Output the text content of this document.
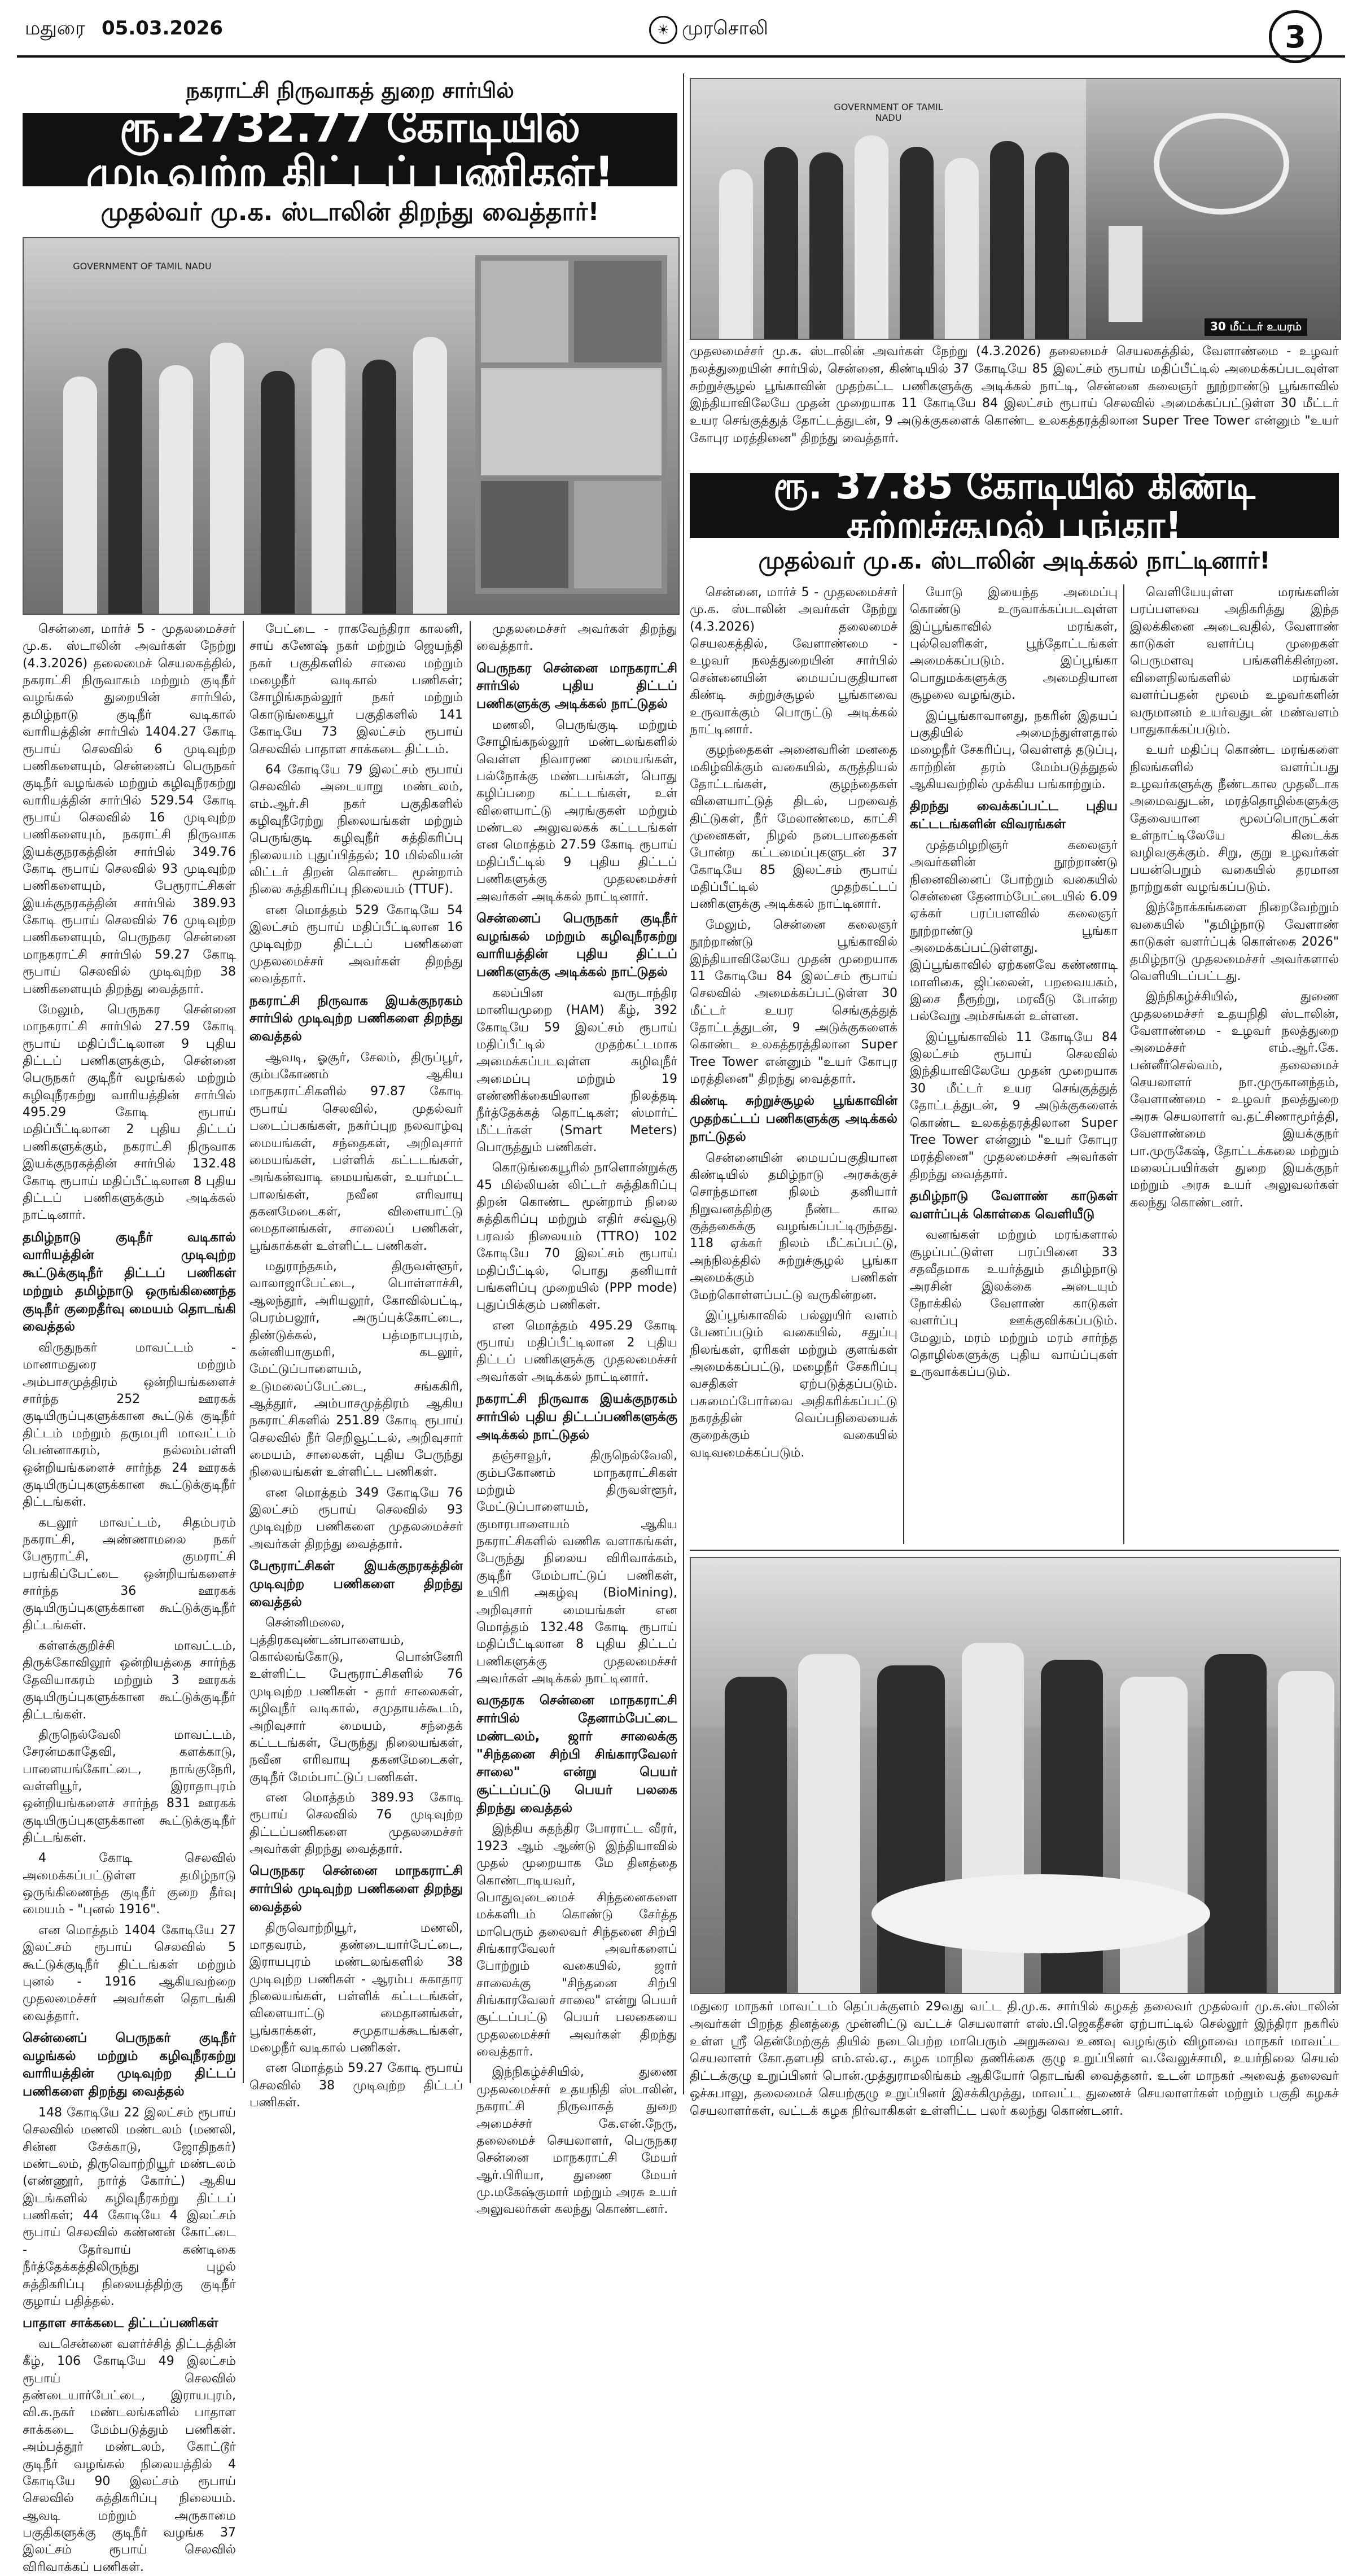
மதுரை 05.03.2026	☀ முரசொலி	3
நகராட்சி நிருவாகத் துறை சார்பில்
ரூ.2732.77 கோடியில் முடிவுற்ற திட்டப் பணிகள்!
முதல்வர் மு.க. ஸ்டாலின் திறந்து வைத்தார்!
GOVERNMENT OF TAMIL NADU

சென்னை, மார்ச் 5 - முதலமைச்சர் மு.க. ஸ்டாலின் அவர்கள் நேற்று (4.3.2026) தலைமைச் செயலகத்தில், நகராட்சி நிருவாகம் மற்றும் குடிநீர் வழங்கல் துறையின் சார்பில், தமிழ்நாடு குடிநீர் வடிகால் வாரியத்தின் சார்பில் 1404.27 கோடி ரூபாய் செலவில் 6 முடிவுற்ற பணிகளையும், சென்னைப் பெருநகர் குடிநீர் வழங்கல் மற்றும் கழிவுநீரகற்று வாரியத்தின் சார்பில் 529.54 கோடி ரூபாய் செலவில் 16 முடிவுற்ற பணிகளையும், நகராட்சி நிருவாக இயக்குநரகத்தின் சார்பில் 349.76 கோடி ரூபாய் செலவில் 93 முடிவுற்ற பணிகளையும், பேரூராட்சிகள் இயக்குநரகத்தின் சார்பில் 389.93 கோடி ரூபாய் செலவில் 76 முடிவுற்ற பணிகளையும், பெருநகர சென்னை மாநகராட்சி சார்பில் 59.27 கோடி ரூபாய் செலவில் முடிவுற்ற 38 பணிகளையும் திறந்து வைத்தார்.

மேலும், பெருநகர சென்னை மாநகராட்சி சார்பில் 27.59 கோடி ரூபாய் மதிப்பீட்டிலான 9 புதிய திட்டப் பணிகளுக்கும், சென்னை பெருநகர் குடிநீர் வழங்கல் மற்றும் கழிவுநீரகற்று வாரியத்தின் சார்பில் 495.29 கோடி ரூபாய் மதிப்பீட்டிலான 2 புதிய திட்டப் பணிகளுக்கும், நகராட்சி நிருவாக இயக்குநரகத்தின் சார்பில் 132.48 கோடி ரூபாய் மதிப்பீட்டிலான 8 புதிய திட்டப் பணிகளுக்கும் அடிக்கல் நாட்டினார்.

தமிழ்நாடு குடிநீர் வடிகால் வாரியத்தின் முடிவுற்ற கூட்டுக்குடிநீர் திட்டப் பணிகள் மற்றும் தமிழ்நாடு ஒருங்கிணைந்த குடிநீர் குறைதீர்வு மையம் தொடங்கி வைத்தல்

விருதுநகர் மாவட்டம் - மானாமதுரை மற்றும் அம்பாசமுத்திரம் ஒன்றியங்களைச் சார்ந்த 252 ஊரகக் குடியிருப்புகளுக்கான கூட்டுக் குடிநீர் திட்டம் மற்றும் தருமபுரி மாவட்டம் பென்னாகரம், நல்லம்பள்ளி ஒன்றியங்களைச் சார்ந்த 24 ஊரகக் குடியிருப்புகளுக்கான கூட்டுக்குடிநீர் திட்டங்கள்.

கடலூர் மாவட்டம், சிதம்பரம் நகராட்சி, அண்ணாமலை நகர் பேரூராட்சி, குமராட்சி பரங்கிப்பேட்டை ஒன்றியங்களைச் சார்ந்த 36 ஊரகக் குடியிருப்புகளுக்கான கூட்டுக்குடிநீர் திட்டங்கள்.

கள்ளக்குறிச்சி மாவட்டம், திருக்கோவிலூர் ஒன்றியத்தை சார்ந்த தேவியாகரம் மற்றும் 3 ஊரகக் குடியிருப்புகளுக்கான கூட்டுக்குடிநீர் திட்டங்கள்.

திருநெல்வேலி மாவட்டம், சேரன்மகாதேவி, களக்காடு, பாளையங்கோட்டை, நாங்குநேரி, வள்ளியூர், இராதாபுரம் ஒன்றியங்களைச் சார்ந்த 831 ஊரகக் குடியிருப்புகளுக்கான கூட்டுக்குடிநீர் திட்டங்கள்.

4 கோடி செலவில் அமைக்கப்பட்டுள்ள தமிழ்நாடு ஒருங்கிணைந்த குடிநீர் குறை தீர்வு மையம் - "புனல் 1916".

என மொத்தம் 1404 கோடியே 27 இலட்சம் ரூபாய் செலவில் 5 கூட்டுக்குடிநீர் திட்டங்கள் மற்றும் புனல் - 1916 ஆகியவற்றை முதலமைச்சர் அவர்கள் தொடங்கி வைத்தார்.

சென்னைப் பெருநகர் குடிநீர் வழங்கல் மற்றும் கழிவுநீரகற்று வாரியத்தின் முடிவுற்ற திட்டப் பணிகளை திறந்து வைத்தல்

148 கோடியே 22 இலட்சம் ரூபாய் செலவில் மணலி மண்டலம் (மணலி, சின்ன சேக்காடு, ஜோதிநகர்) மண்டலம், திருவொற்றியூர் மண்டலம் (எண்ணூர், நார்த் கோர்ட்) ஆகிய இடங்களில் கழிவுநீரகற்று திட்டப் பணிகள்; 44 கோடியே 4 இலட்சம் ரூபாய் செலவில் கண்ணன் கோட்டை - தேர்வாய் கண்டிகை நீர்த்தேக்கத்திலிருந்து புழல் சுத்திகரிப்பு நிலையத்திற்கு குடிநீர் குழாய் பதித்தல்.

பாதாள சாக்கடை திட்டப்பணிகள்

வடசென்னை வளர்ச்சித் திட்டத்தின் கீழ், 106 கோடியே 49 இலட்சம் ரூபாய் செலவில் தண்டையார்பேட்டை, இராயபுரம், வி.க.நகர் மண்டலங்களில் பாதாள சாக்கடை மேம்படுத்தும் பணிகள். அம்பத்தூர் மண்டலம், கோட்டூர் குடிநீர் வழங்கல் நிலையத்தில் 4 கோடியே 90 இலட்சம் ரூபாய் செலவில் சுத்திகரிப்பு நிலையம். ஆவடி மற்றும் அருகாமை பகுதிகளுக்கு குடிநீர் வழங்க 37 இலட்சம் ரூபாய் செலவில் விரிவாக்கப் பணிகள்.

பேட்டை - ராகவேந்திரா காலனி, சாய் கணேஷ் நகர் மற்றும் ஜெயந்தி நகர் பகுதிகளில் சாலை மற்றும் மழைநீர் வடிகால் பணிகள்; சோழிங்கநல்லூர் நகர் மற்றும் கொடுங்கையூர் பகுதிகளில் 141 கோடியே 73 இலட்சம் ரூபாய் செலவில் பாதாள சாக்கடை திட்டம்.

64 கோடியே 79 இலட்சம் ரூபாய் செலவில் அடையாறு மண்டலம், எம்.ஆர்.சி நகர் பகுதிகளில் கழிவுநீரேற்று நிலையங்கள் மற்றும் பெருங்குடி கழிவுநீர் சுத்திகரிப்பு நிலையம் புதுப்பித்தல்; 10 மில்லியன் லிட்டர் திறன் கொண்ட மூன்றாம் நிலை சுத்திகரிப்பு நிலையம் (TTUF).

என மொத்தம் 529 கோடியே 54 இலட்சம் ரூபாய் மதிப்பீட்டிலான 16 முடிவுற்ற திட்டப் பணிகளை முதலமைச்சர் அவர்கள் திறந்து வைத்தார்.

நகராட்சி நிருவாக இயக்குநரகம் சார்பில் முடிவுற்ற பணிகளை திறந்து வைத்தல்

ஆவடி, ஓசூர், சேலம், திருப்பூர், கும்பகோணம் ஆகிய மாநகராட்சிகளில் 97.87 கோடி ரூபாய் செலவில், முதல்வர் படைப்பகங்கள், நகர்ப்புற நலவாழ்வு மையங்கள், சந்தைகள், அறிவுசார் மையங்கள், பள்ளிக் கட்டடங்கள், அங்கன்வாடி மையங்கள், உயர்மட்ட பாலங்கள், நவீன எரிவாயு தகனமேடைகள், விளையாட்டு மைதானங்கள், சாலைப் பணிகள், பூங்காக்கள் உள்ளிட்ட பணிகள்.

மதுராந்தகம், திருவள்ளூர், வாலாஜாபேட்டை, பொள்ளாச்சி, ஆலந்தூர், அரியலூர், கோவில்பட்டி, பெரம்பலூர், அருப்புக்கோட்டை, திண்டுக்கல், பத்மநாபபுரம், கன்னியாகுமரி, கடலூர், மேட்டுப்பாளையம், உடுமலைப்பேட்டை, சங்ககிரி, ஆத்தூர், அம்பாசமுத்திரம் ஆகிய நகராட்சிகளில் 251.89 கோடி ரூபாய் செலவில் நீர் செறிவூட்டல், அறிவுசார் மையம், சாலைகள், புதிய பேருந்து நிலையங்கள் உள்ளிட்ட பணிகள்.

என மொத்தம் 349 கோடியே 76 இலட்சம் ரூபாய் செலவில் 93 முடிவுற்ற பணிகளை முதலமைச்சர் அவர்கள் திறந்து வைத்தார்.

பேரூராட்சிகள் இயக்குநரகத்தின் முடிவுற்ற பணிகளை திறந்து வைத்தல்

சென்னிமலை, புத்திரகவுண்டன்பாளையம், கொல்லங்கோடு, பொன்னேரி உள்ளிட்ட பேரூராட்சிகளில் 76 முடிவுற்ற பணிகள் - தார் சாலைகள், கழிவுநீர் வடிகால், சமுதாயக்கூடம், அறிவுசார் மையம், சந்தைக் கட்டடங்கள், பேருந்து நிலையங்கள், நவீன எரிவாயு தகனமேடைகள், குடிநீர் மேம்பாட்டுப் பணிகள்.

என மொத்தம் 389.93 கோடி ரூபாய் செலவில் 76 முடிவுற்ற திட்டப்பணிகளை முதலமைச்சர் அவர்கள் திறந்து வைத்தார்.

பெருநகர சென்னை மாநகராட்சி சார்பில் முடிவுற்ற பணிகளை திறந்து வைத்தல்

திருவொற்றியூர், மணலி, மாதவரம், தண்டையார்பேட்டை, இராயபுரம் மண்டலங்களில் 38 முடிவுற்ற பணிகள் - ஆரம்ப சுகாதார நிலையங்கள், பள்ளிக் கட்டடங்கள், விளையாட்டு மைதானங்கள், பூங்காக்கள், சமுதாயக்கூடங்கள், மழைநீர் வடிகால் பணிகள்.

என மொத்தம் 59.27 கோடி ரூபாய் செலவில் 38 முடிவுற்ற திட்டப் பணிகள்.

முதலமைச்சர் அவர்கள் திறந்து வைத்தார்.

பெருநகர சென்னை மாநகராட்சி சார்பில் புதிய திட்டப் பணிகளுக்கு அடிக்கல் நாட்டுதல்

மணலி, பெருங்குடி மற்றும் சோழிங்கநல்லூர் மண்டலங்களில் வெள்ள நிவாரண மையங்கள், பல்நோக்கு மண்டபங்கள், பொது கழிப்பறை கட்டடங்கள், உள் விளையாட்டு அரங்குகள் மற்றும் மண்டல அலுவலகக் கட்டடங்கள் என மொத்தம் 27.59 கோடி ரூபாய் மதிப்பீட்டில் 9 புதிய திட்டப் பணிகளுக்கு முதலமைச்சர் அவர்கள் அடிக்கல் நாட்டினார்.

சென்னைப் பெருநகர் குடிநீர் வழங்கல் மற்றும் கழிவுநீரகற்று வாரியத்தின் புதிய திட்டப் பணிகளுக்கு அடிக்கல் நாட்டுதல்

கலப்பின வருடாந்திர மானியமுறை (HAM) கீழ், 392 கோடியே 59 இலட்சம் ரூபாய் மதிப்பீட்டில் முதற்கட்டமாக அமைக்கப்படவுள்ள கழிவுநீர் அமைப்பு மற்றும் 19 எண்ணிக்கையிலான நிலத்தடி நீர்த்தேக்கத் தொட்டிகள்; ஸ்மார்ட் மீட்டர்கள் (Smart Meters) பொருத்தும் பணிகள்.

கொடுங்கையூரில் நாளொன்றுக்கு 45 மில்லியன் லிட்டர் சுத்திகரிப்பு திறன் கொண்ட மூன்றாம் நிலை சுத்திகரிப்பு மற்றும் எதிர் சவ்வூடு பரவல் நிலையம் (TTRO) 102 கோடியே 70 இலட்சம் ரூபாய் மதிப்பீட்டில், பொது தனியார் பங்களிப்பு முறையில் (PPP mode) புதுப்பிக்கும் பணிகள்.

என மொத்தம் 495.29 கோடி ரூபாய் மதிப்பீட்டிலான 2 புதிய திட்டப் பணிகளுக்கு முதலமைச்சர் அவர்கள் அடிக்கல் நாட்டினார்.

நகராட்சி நிருவாக இயக்குநரகம் சார்பில் புதிய திட்டப்பணிகளுக்கு அடிக்கல் நாட்டுதல்

தஞ்சாவூர், திருநெல்வேலி, கும்பகோணம் மாநகராட்சிகள் மற்றும் திருவள்ளூர், மேட்டுப்பாளையம், குமாரபாளையம் ஆகிய நகராட்சிகளில் வணிக வளாகங்கள், பேருந்து நிலைய விரிவாக்கம், குடிநீர் மேம்பாட்டுப் பணிகள், உயிரி அகழ்வு (BioMining), அறிவுசார் மையங்கள் என மொத்தம் 132.48 கோடி ரூபாய் மதிப்பீட்டிலான 8 புதிய திட்டப் பணிகளுக்கு முதலமைச்சர் அவர்கள் அடிக்கல் நாட்டினார்.

வருதரக சென்னை மாநகராட்சி சார்பில் தேனாம்பேட்டை மண்டலம், ஜார் சாலைக்கு "சிந்தனை சிற்பி சிங்காரவேலர் சாலை" என்று பெயர் சூட்டப்பட்டு பெயர் பலகை திறந்து வைத்தல்

இந்திய சுதந்திர போராட்ட வீரர், 1923 ஆம் ஆண்டு இந்தியாவில் முதல் முறையாக மே தினத்தை கொண்டாடியவர், பொதுவுடைமைச் சிந்தனைகளை மக்களிடம் கொண்டு சேர்த்த மாபெரும் தலைவர் சிந்தனை சிற்பி சிங்காரவேலர் அவர்களைப் போற்றும் வகையில், ஜார் சாலைக்கு "சிந்தனை சிற்பி சிங்காரவேலர் சாலை" என்று பெயர் சூட்டப்பட்டு பெயர் பலகையை முதலமைச்சர் அவர்கள் திறந்து வைத்தார்.

இந்நிகழ்ச்சியில், துணை முதலமைச்சர் உதயநிதி ஸ்டாலின், நகராட்சி நிருவாகத் துறை அமைச்சர் கே.என்.நேரு, தலைமைச் செயலாளர், பெருநகர சென்னை மாநகராட்சி மேயர் ஆர்.பிரியா, துணை மேயர் மு.மகேஷ்குமார் மற்றும் அரசு உயர் அலுவலர்கள் கலந்து கொண்டனர்.

GOVERNMENT OF TAMIL NADU
30 மீட்டர் உயரம்
முதலமைச்சர் மு.க. ஸ்டாலின் அவர்கள் நேற்று (4.3.2026) தலைமைச் செயலகத்தில், வேளாண்மை - உழவர் நலத்துறையின் சார்பில், சென்னை, கிண்டியில் 37 கோடியே 85 இலட்சம் ரூபாய் மதிப்பீட்டில் அமைக்கப்படவுள்ள சுற்றுச்சூழல் பூங்காவின் முதற்கட்ட பணிகளுக்கு அடிக்கல் நாட்டி, சென்னை கலைஞர் நூற்றாண்டு பூங்காவில் இந்தியாவிலேயே முதன் முறையாக 11 கோடியே 84 இலட்சம் ரூபாய் செலவில் அமைக்கப்பட்டுள்ள 30 மீட்டர் உயர செங்குத்துத் தோட்டத்துடன், 9 அடுக்குகளைக் கொண்ட உலகத்தரத்திலான Super Tree Tower என்னும் "உயர் கோபுர மரத்தினை" திறந்து வைத்தார்.
ரூ. 37.85 கோடியில் கிண்டி சுற்றுச்சூழல் பூங்கா!
முதல்வர் மு.க. ஸ்டாலின் அடிக்கல் நாட்டினார்!

சென்னை, மார்ச் 5 - முதலமைச்சர் மு.க. ஸ்டாலின் அவர்கள் நேற்று (4.3.2026) தலைமைச் செயலகத்தில், வேளாண்மை - உழவர் நலத்துறையின் சார்பில் சென்னையின் மையப்பகுதியான கிண்டி சுற்றுச்சூழல் பூங்காவை உருவாக்கும் பொருட்டு அடிக்கல் நாட்டினார்.

குழந்தைகள் அனைவரின் மனதை மகிழ்விக்கும் வகையில், கருத்தியல் தோட்டங்கள், குழந்தைகள் விளையாட்டுத் திடல், பறவைத் திட்டுகள், நீர் மேலாண்மை, காட்சி முனைகள், நிழல் நடைபாதைகள் போன்ற கட்டமைப்புகளுடன் 37 கோடியே 85 இலட்சம் ரூபாய் மதிப்பீட்டில் முதற்கட்டப் பணிகளுக்கு அடிக்கல் நாட்டினார்.

மேலும், சென்னை கலைஞர் நூற்றாண்டு பூங்காவில் இந்தியாவிலேயே முதன் முறையாக 11 கோடியே 84 இலட்சம் ரூபாய் செலவில் அமைக்கப்பட்டுள்ள 30 மீட்டர் உயர செங்குத்துத் தோட்டத்துடன், 9 அடுக்குகளைக் கொண்ட உலகத்தரத்திலான Super Tree Tower என்னும் "உயர் கோபுர மரத்தினை" திறந்து வைத்தார்.

கிண்டி சுற்றுச்சூழல் பூங்காவின் முதற்கட்டப் பணிகளுக்கு அடிக்கல் நாட்டுதல்

சென்னையின் மையப்பகுதியான கிண்டியில் தமிழ்நாடு அரசுக்குச் சொந்தமான நிலம் தனியார் நிறுவனத்திற்கு நீண்ட கால குத்தகைக்கு வழங்கப்பட்டிருந்தது. 118 ஏக்கர் நிலம் மீட்கப்பட்டு, அந்நிலத்தில் சுற்றுச்சூழல் பூங்கா அமைக்கும் பணிகள் மேற்கொள்ளப்பட்டு வருகின்றன.

இப்பூங்காவில் பல்லுயிர் வளம் பேணப்படும் வகையில், சதுப்பு நிலங்கள், ஏரிகள் மற்றும் குளங்கள் அமைக்கப்பட்டு, மழைநீர் சேகரிப்பு வசதிகள் ஏற்படுத்தப்படும். பசுமைப்போர்வை அதிகரிக்கப்பட்டு நகரத்தின் வெப்பநிலையைக் குறைக்கும் வகையில் வடிவமைக்கப்படும்.

யோடு இயைந்த அமைப்பு கொண்டு உருவாக்கப்படவுள்ள இப்பூங்காவில் மரங்கள், புல்வெளிகள், பூந்தோட்டங்கள் அமைக்கப்படும். இப்பூங்கா பொதுமக்களுக்கு அமைதியான சூழலை வழங்கும்.

இப்பூங்காவானது, நகரின் இதயப் பகுதியில் அமைந்துள்ளதால் மழைநீர் சேகரிப்பு, வெள்ளத் தடுப்பு, காற்றின் தரம் மேம்படுத்துதல் ஆகியவற்றில் முக்கிய பங்காற்றும்.

திறந்து வைக்கப்பட்ட புதிய கட்டடங்களின் விவரங்கள்

முத்தமிழறிஞர் கலைஞர் அவர்களின் நூற்றாண்டு நினைவினைப் போற்றும் வகையில் சென்னை தேனாம்பேட்டையில் 6.09 ஏக்கர் பரப்பளவில் கலைஞர் நூற்றாண்டு பூங்கா அமைக்கப்பட்டுள்ளது. இப்பூங்காவில் ஏற்கனவே கண்ணாடி மாளிகை, ஜிப்லைன், பறவையகம், இசை நீரூற்று, மரவீடு போன்ற பல்வேறு அம்சங்கள் உள்ளன.

இப்பூங்காவில் 11 கோடியே 84 இலட்சம் ரூபாய் செலவில் இந்தியாவிலேயே முதன் முறையாக 30 மீட்டர் உயர செங்குத்துத் தோட்டத்துடன், 9 அடுக்குகளைக் கொண்ட உலகத்தரத்திலான Super Tree Tower என்னும் "உயர் கோபுர மரத்தினை" முதலமைச்சர் அவர்கள் திறந்து வைத்தார்.

தமிழ்நாடு வேளாண் காடுகள் வளர்ப்புக் கொள்கை வெளியீடு

வனங்கள் மற்றும் மரங்களால் சூழப்பட்டுள்ள பரப்பினை 33 சதவீதமாக உயர்த்தும் தமிழ்நாடு அரசின் இலக்கை அடையும் நோக்கில் வேளாண் காடுகள் வளர்ப்பு ஊக்குவிக்கப்படும். மேலும், மரம் மற்றும் மரம் சார்ந்த தொழில்களுக்கு புதிய வாய்ப்புகள் உருவாக்கப்படும்.

வெளியேயுள்ள மரங்களின் பரப்பளவை அதிகரித்து இந்த இலக்கினை அடைவதில், வேளாண் காடுகள் வளர்ப்பு முறைகள் பெருமளவு பங்களிக்கின்றன. விளைநிலங்களில் மரங்கள் வளர்ப்பதன் மூலம் உழவர்களின் வருமானம் உயர்வதுடன் மண்வளம் பாதுகாக்கப்படும்.

உயர் மதிப்பு கொண்ட மரங்களை நிலங்களில் வளர்ப்பது உழவர்களுக்கு நீண்டகால முதலீடாக அமைவதுடன், மரத்தொழில்களுக்கு தேவையான மூலப்பொருட்கள் உள்நாட்டிலேயே கிடைக்க வழிவகுக்கும். சிறு, குறு உழவர்கள் பயன்பெறும் வகையில் தரமான நாற்றுகள் வழங்கப்படும்.

இந்நோக்கங்களை நிறைவேற்றும் வகையில் "தமிழ்நாடு வேளாண் காடுகள் வளர்ப்புக் கொள்கை 2026" தமிழ்நாடு முதலமைச்சர் அவர்களால் வெளியிடப்பட்டது.

இந்நிகழ்ச்சியில், துணை முதலமைச்சர் உதயநிதி ஸ்டாலின், வேளாண்மை - உழவர் நலத்துறை அமைச்சர் எம்.ஆர்.கே. பன்னீர்செல்வம், தலைமைச் செயலாளர் நா.முருகானந்தம், வேளாண்மை - உழவர் நலத்துறை அரசு செயலாளர் வ.தட்சிணாமூர்த்தி, வேளாண்மை இயக்குநர் பா.முருகேஷ், தோட்டக்கலை மற்றும் மலைப்பயிர்கள் துறை இயக்குநர் மற்றும் அரசு உயர் அலுவலர்கள் கலந்து கொண்டனர்.

மதுரை மாநகர் மாவட்டம் தெப்பக்குளம் 29வது வட்ட தி.மு.க. சார்பில் கழகத் தலைவர் முதல்வர் மு.க.ஸ்டாலின் அவர்கள் பிறந்த தினத்தை முன்னிட்டு வட்டச் செயலாளர் எஸ்.பி.ஜெகதீசன் ஏற்பாட்டில் செல்லூர் இந்திரா நகரில் உள்ள ஸ்ரீ தென்மேற்குத் தியில் நடைபெற்ற மாபெரும் அறுசுவை உணவு வழங்கும் விழாவை மாநகர் மாவட்ட செயலாளர் கோ.தளபதி எம்.எல்.ஏ., கழக மாநில தணிக்கை குழு உறுப்பினர் வ.வேலுச்சாமி, உயர்நிலை செயல் திட்டக்குழு உறுப்பினர் பொன்.முத்துராமலிங்கம் ஆகியோர் தொடங்கி வைத்தனர். உடன் மாநகர் அவைத் தலைவர் ஒச்சுபாலு, தலைமைச் செயற்குழு உறுப்பினர் இசக்கிமுத்து, மாவட்ட துணைச் செயலாளர்கள் மற்றும் பகுதி கழகச் செயலாளர்கள், வட்டக் கழக நிர்வாகிகள் உள்ளிட்ட பலர் கலந்து கொண்டனர்.
